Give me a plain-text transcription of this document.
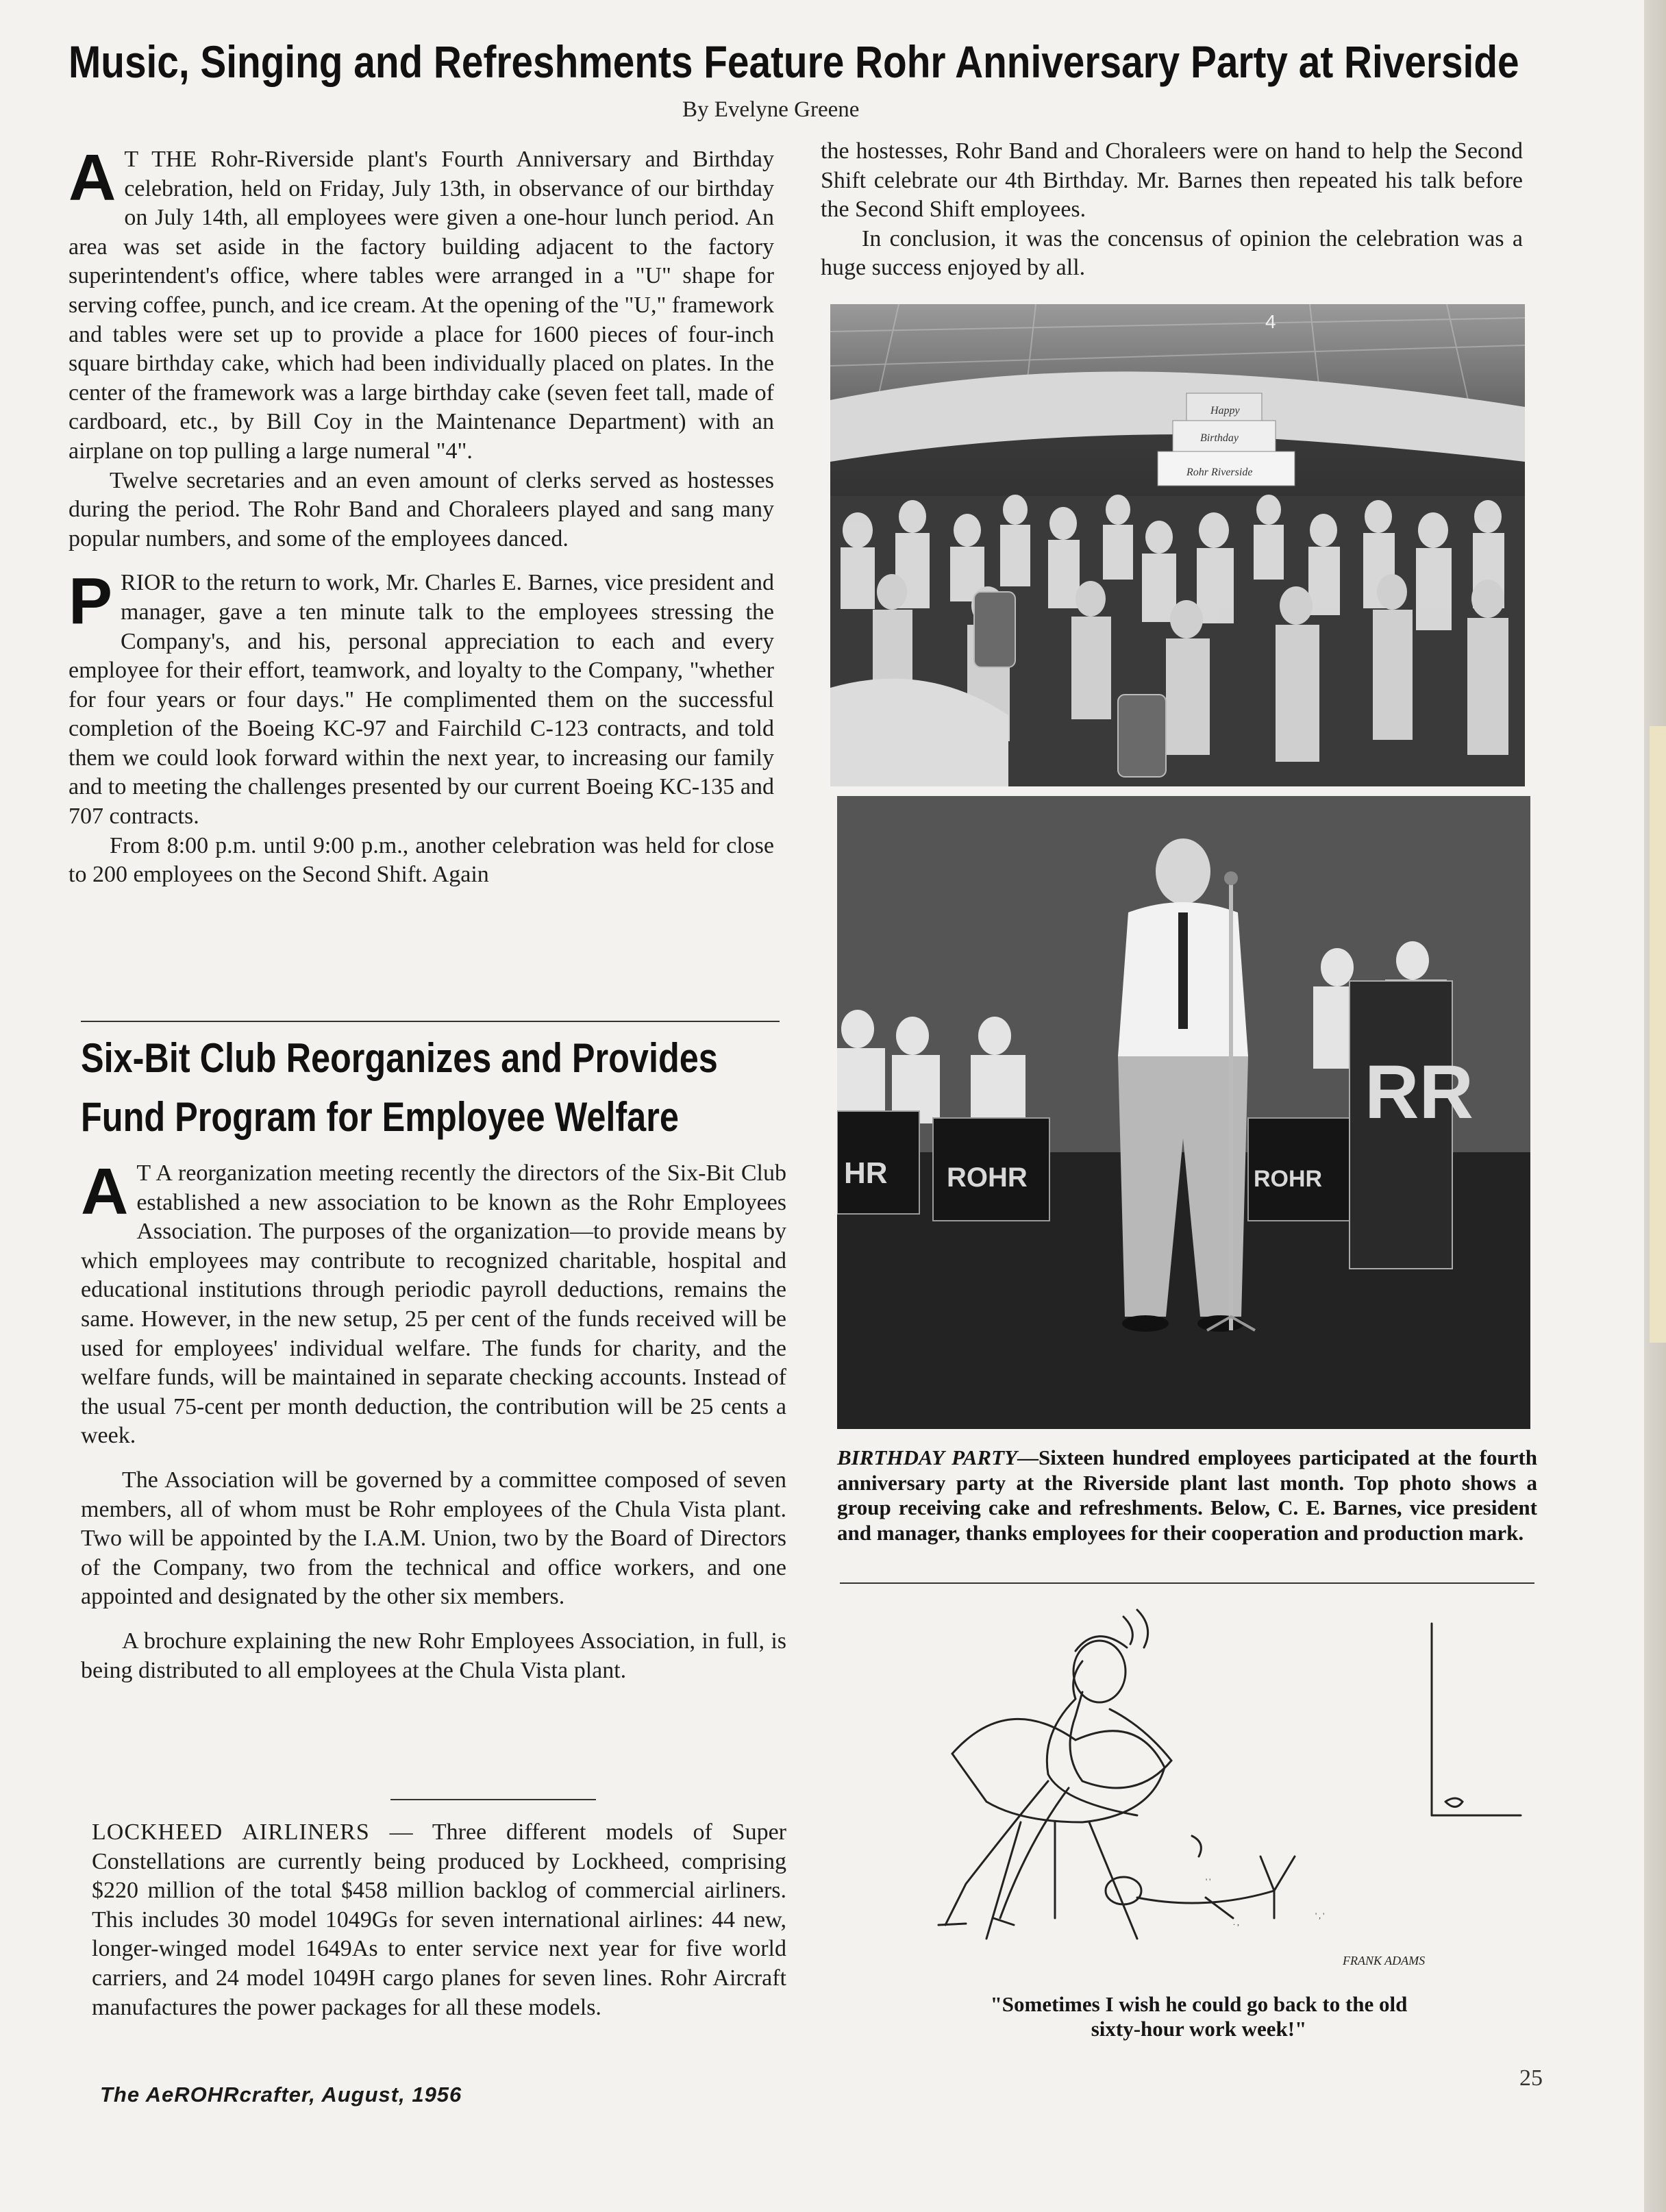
Music, Singing and Refreshments Feature Rohr Anniversary Party at Riverside
By Evelyne Greene

A T THE Rohr-Riverside plant's Fourth Anniversary and Birthday celebration, held on Friday, July 13th, in observance of our birthday on July 14th, all employees were given a one-hour lunch period. An area was set aside in the factory building adjacent to the factory superintendent's office, where tables were arranged in a "U" shape for serving coffee, punch, and ice cream. At the opening of the "U," framework and tables were set up to provide a place for 1600 pieces of four-inch square birthday cake, which had been individually placed on plates. In the center of the framework was a large birthday cake (seven feet tall, made of cardboard, etc., by Bill Coy in the Maintenance Department) with an airplane on top pulling a large numeral "4".

Twelve secretaries and an even amount of clerks served as hostesses during the period. The Rohr Band and Choraleers played and sang many popular numbers, and some of the employees danced.

PRIOR to the return to work, Mr. Charles E. Barnes, vice president and manager, gave a ten minute talk to the employees stressing the Company's, and his, personal appreciation to each and every employee for their effort, teamwork, and loyalty to the Company, "whether for four years or four days." He complimented them on the successful completion of the Boeing KC-97 and Fairchild C-123 contracts, and told them we could look forward within the next year, to increasing our family and to meeting the challenges presented by our current Boeing KC-135 and 707 contracts.

From 8:00 p.m. until 9:00 p.m., another celebration was held for close to 200 employees on the Second Shift. Again

the hostesses, Rohr Band and Choraleers were on hand to help the Second Shift celebrate our 4th Birthday. Mr. Barnes then repeated his talk before the Second Shift employees.

In conclusion, it was the concensus of opinion the celebration was a huge success enjoyed by all.

Six-Bit Club Reorganizes and Provides
Fund Program for Employee Welfare

A T A reorganization meeting recently the directors of the Six-Bit Club established a new association to be known as the Rohr Employees Association. The purposes of the organization—to provide means by which employees may contribute to recognized charitable, hospital and educational institutions through periodic payroll deductions, remains the same. However, in the new setup, 25 per cent of the funds received will be used for employees' individual welfare. The funds for charity, and the welfare funds, will be maintained in separate checking accounts. Instead of the usual 75-cent per month deduction, the contribution will be 25 cents a week.

The Association will be governed by a committee composed of seven members, all of whom must be Rohr employees of the Chula Vista plant. Two will be appointed by the I.A.M. Union, two by the Board of Directors of the Company, two from the technical and office workers, and one appointed and designated by the other six members.

A brochure explaining the new Rohr Employees Association, in full, is being distributed to all employees at the Chula Vista plant.

LOCKHEED AIRLINERS — Three different models of Super Constellations are currently being produced by Lockheed, comprising $220 million of the total $458 million backlog of commercial airliners. This includes 30 model 1049Gs for seven international airlines: 44 new, longer-winged model 1649As to enter service next year for five world carriers, and 24 model 1049H cargo planes for seven lines. Rohr Aircraft manufactures the power packages for all these models.

4
Happy
Birthday
Rohr Riverside
HR ROHR	ROHR
RR
BIRTHDAY PARTY—Sixteen hundred employees participated at the fourth anniversary party at the Riverside plant last month. Top photo shows a group receiving cake and refreshments. Below, C. E. Barnes, vice president and manager, thanks employees for their cooperation and production mark.
' '
. ,
' , '
FRANK ADAMS
"Sometimes I wish he could go back to the old
sixty-hour work week!"
The AeROHRcrafter, August, 1956
25
